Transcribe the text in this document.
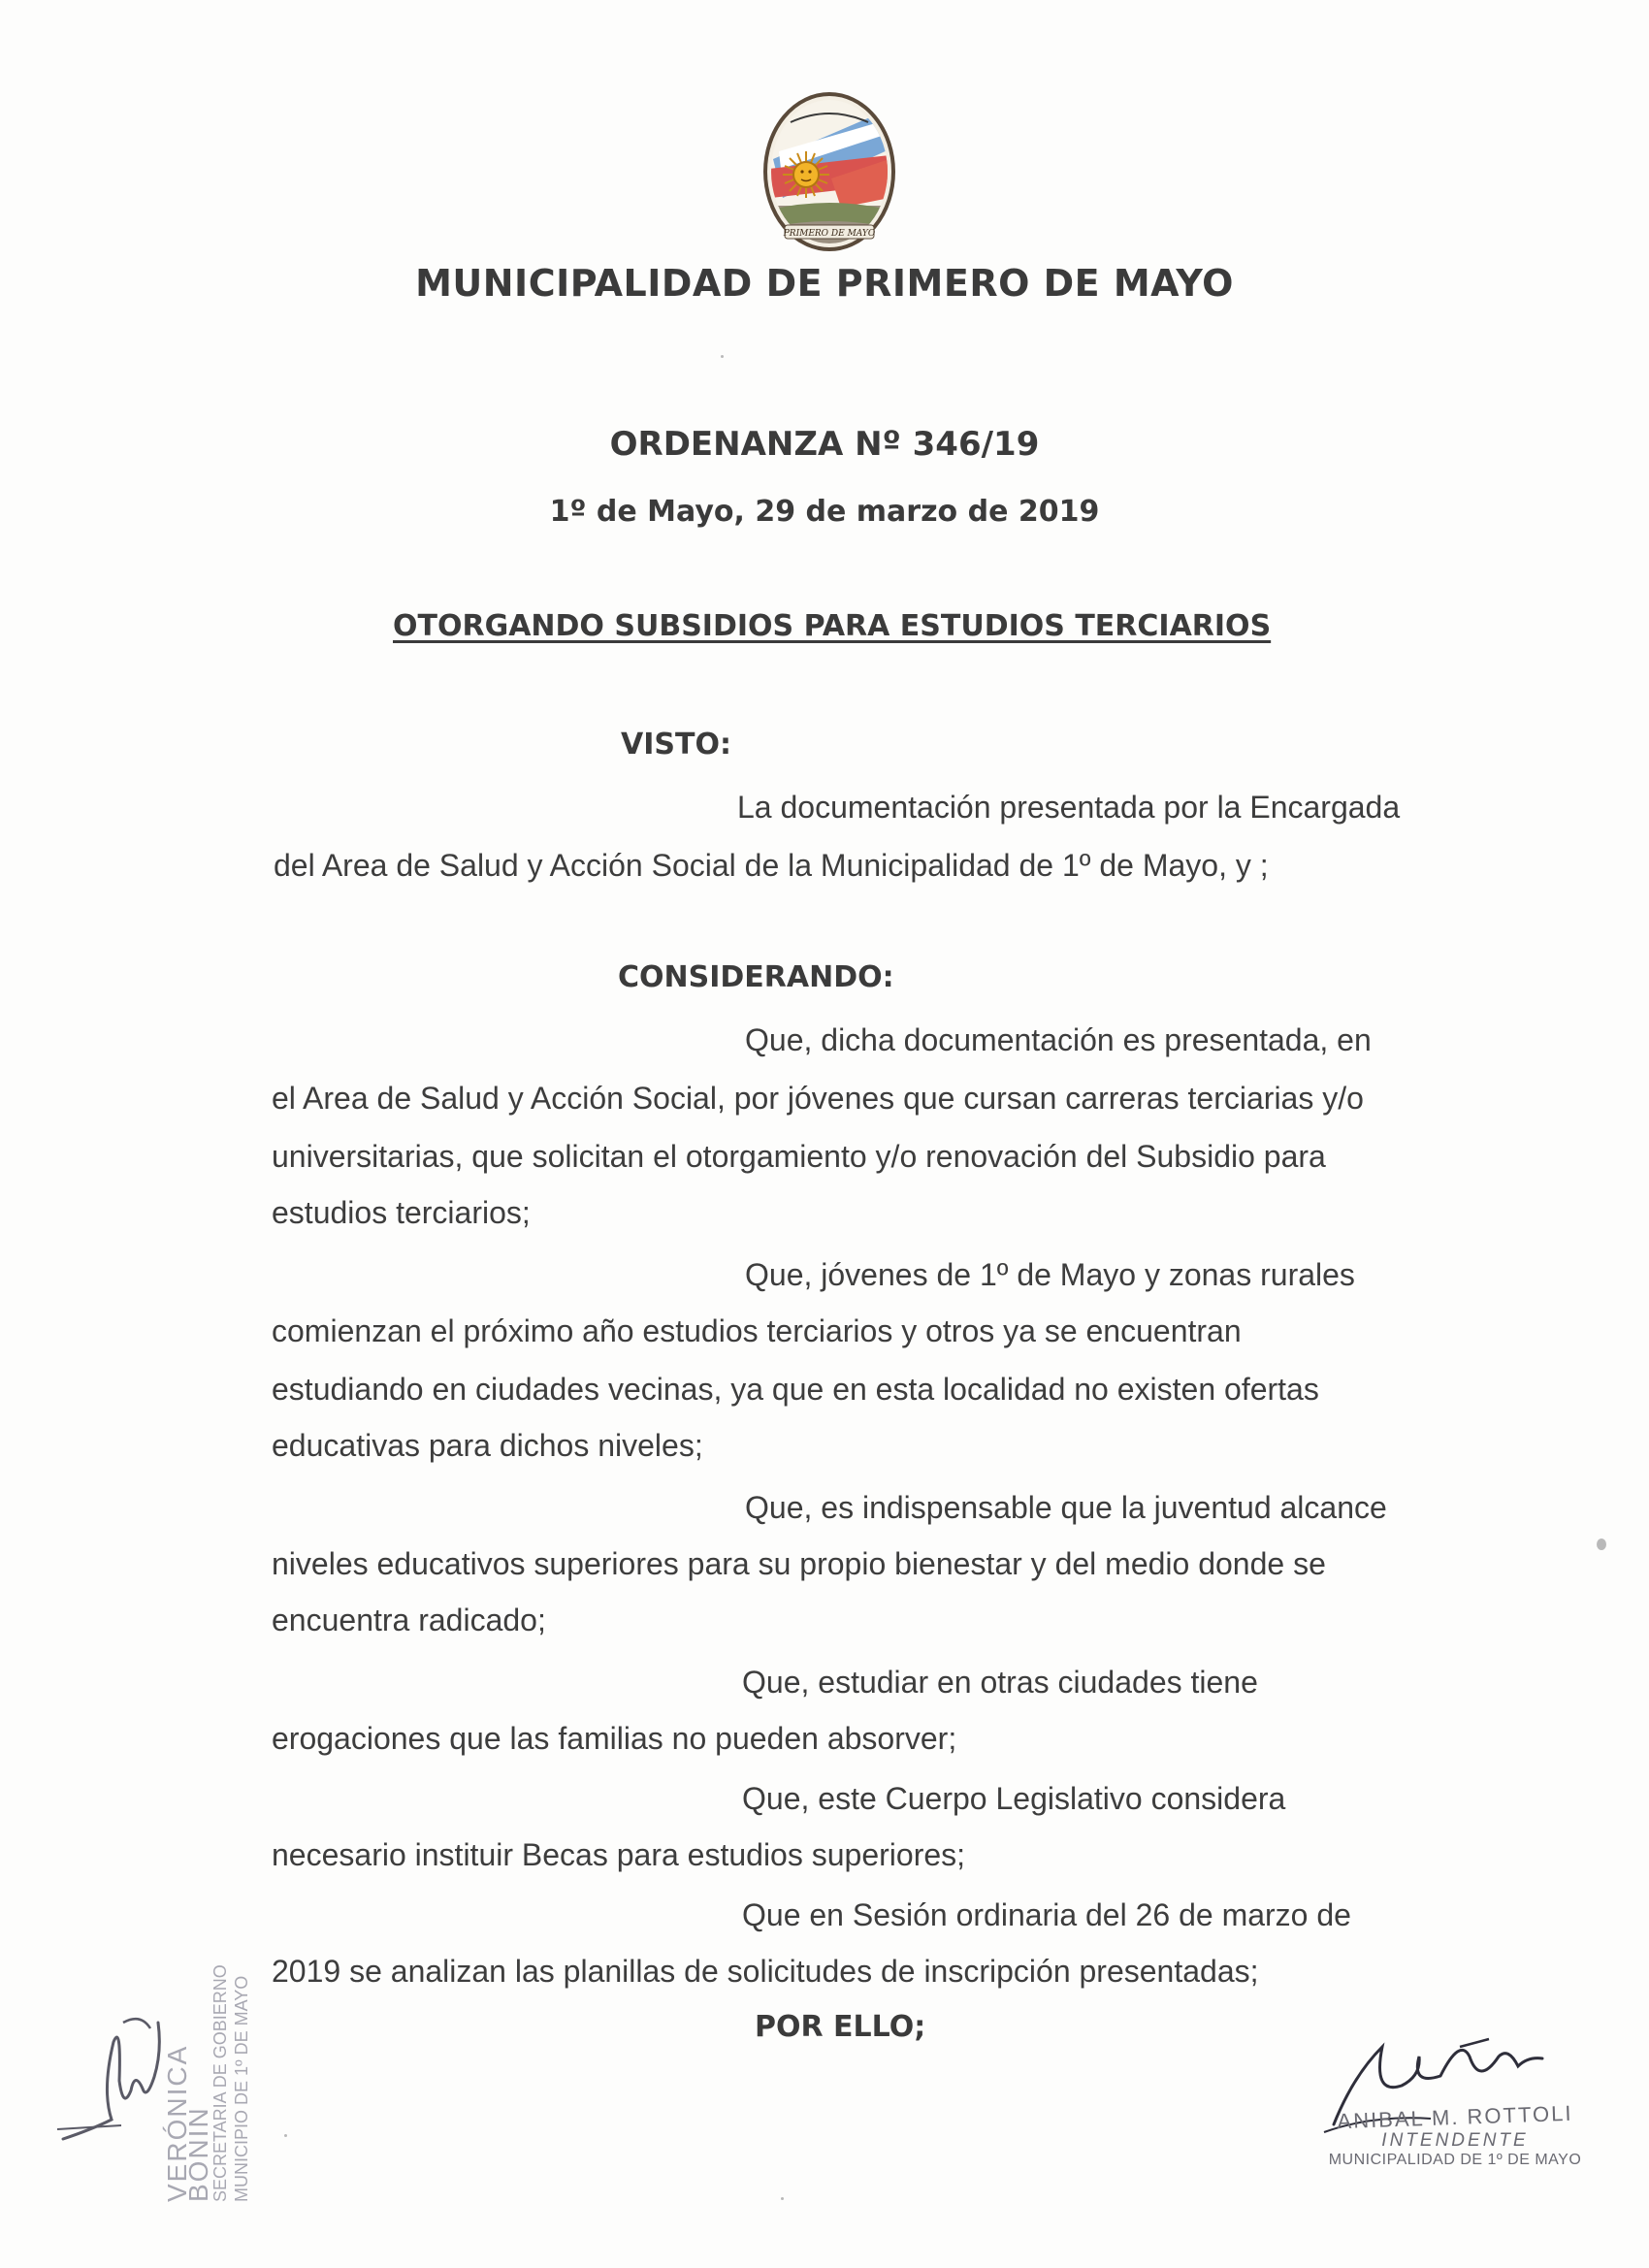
PRIMERO DE MAYO
MUNICIPALIDAD DE PRIMERO DE MAYO
ORDENANZA Nº 346/19
1º de Mayo, 29 de marzo de 2019
OTORGANDO SUBSIDIOS PARA ESTUDIOS TERCIARIOS
VISTO:
La documentación presentada por la Encargada
del Area de Salud y Acción Social de la Municipalidad de 1º de Mayo, y ;
CONSIDERANDO:
Que, dicha documentación es presentada, en
el Area de Salud y Acción Social, por jóvenes que cursan carreras terciarias y/o
universitarias, que solicitan el otorgamiento y/o renovación del Subsidio para
estudios terciarios;
Que, jóvenes de 1º de Mayo y zonas rurales
comienzan el próximo año estudios terciarios y otros ya se encuentran
estudiando en ciudades vecinas, ya que en esta localidad no existen ofertas
educativas para dichos niveles;
Que, es indispensable que la juventud alcance
niveles educativos superiores para su propio bienestar y del medio donde se
encuentra radicado;
Que, estudiar en otras ciudades tiene
erogaciones que las familias no pueden absorver;
Que, este Cuerpo Legislativo considera
necesario instituir Becas para estudios superiores;
Que en Sesión ordinaria del 26 de marzo de
2019 se analizan las planillas de solicitudes de inscripción presentadas;
POR ELLO;
VERÓNICA BONIN
SECRETARIA DE GOBIERNO MUNICIPIO DE 1º DE MAYO	ANIBAL M. ROTTOLI
INTENDENTE
MUNICIPALIDAD DE 1º DE MAYO
